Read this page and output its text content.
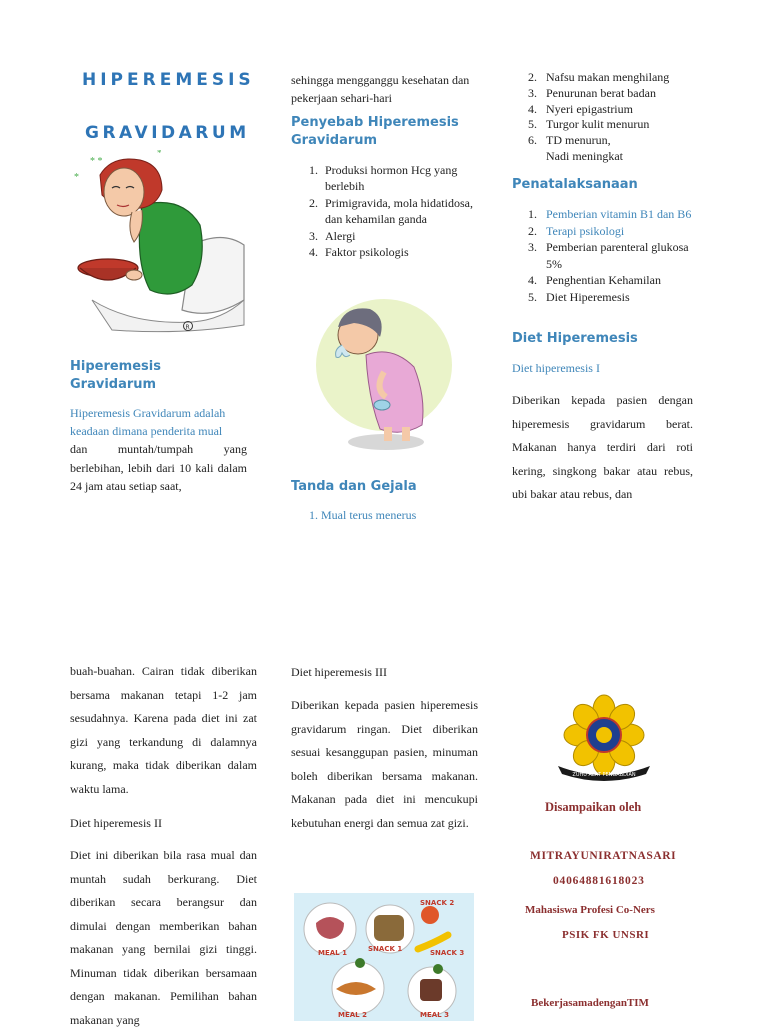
HIPEREMESIS
GRAVIDARUM
* *
*
*
R
Hiperemesis Gravidarum
Hiperemesis Gravidarum adalah
keadaan dimana penderita mual
dan muntah/tumpah yang berlebihan, lebih dari 10 kali dalam 24 jam atau setiap saat,
buah-buahan. Cairan tidak diberikan bersama makanan tetapi 1-2 jam sesudahnya. Karena pada diet ini zat gizi yang terkandung di dalamnya kurang, maka tidak diberikan dalam waktu lama.
Diet hiperemesis II
Diet ini diberikan bila rasa mual dan muntah sudah berkurang. Diet diberikan secara berangsur dan dimulai dengan memberikan bahan makanan yang bernilai gizi tinggi. Minuman tidak diberikan bersamaan dengan makanan. Pemilihan bahan makanan yang
sehingga mengganggu kesehatan dan pekerjaan sehari-hari
Penyebab Hiperemesis Gravidarum
1. Produksi hormon Hcg yang berlebih
2. Primigravida, mola hidatidosa, dan kehamilan ganda
3. Alergi
4. Faktor psikologis
Tanda dan Gejala
1. Mual terus menerus
Diet hiperemesis III
Diberikan kepada pasien hiperemesis gravidarum ringan. Diet diberikan sesuai kesanggupan pasien, minuman boleh diberikan bersama makanan. Makanan pada diet ini mencukupi kebutuhan energi dan semua zat gizi.
SNACK 2
MEAL 1	SNACK 1	SNACK 3
MEAL 2	MEAL 3
2. Nafsu makan menghilang
3. Penurunan berat badan
4. Nyeri epigastrium
5. Turgor kulit menurun
6. TD menurun, Nadi meningkat
Penatalaksanaan
1. Pemberian vitamin B1 dan B6
2. Terapi psikologi
3. Pemberian parenteral glukosa 5%
4. Penghentian Kehamilan
5. Diet Hiperemesis
Diet Hiperemesis
Diet hiperemesis I
Diberikan kepada pasien dengan hiperemesis gravidarum berat. Makanan hanya terdiri dari roti kering, singkong bakar atau rebus, ubi bakar atau rebus, dan
ZUHU ALAT PENGABDIAN
Disampaikan oleh
MITRAYUNIRATNASARI
04064881618023
Mahasiswa Profesi Co-Ners
PSIK FK UNSRI
BekerjasamadenganTIM
